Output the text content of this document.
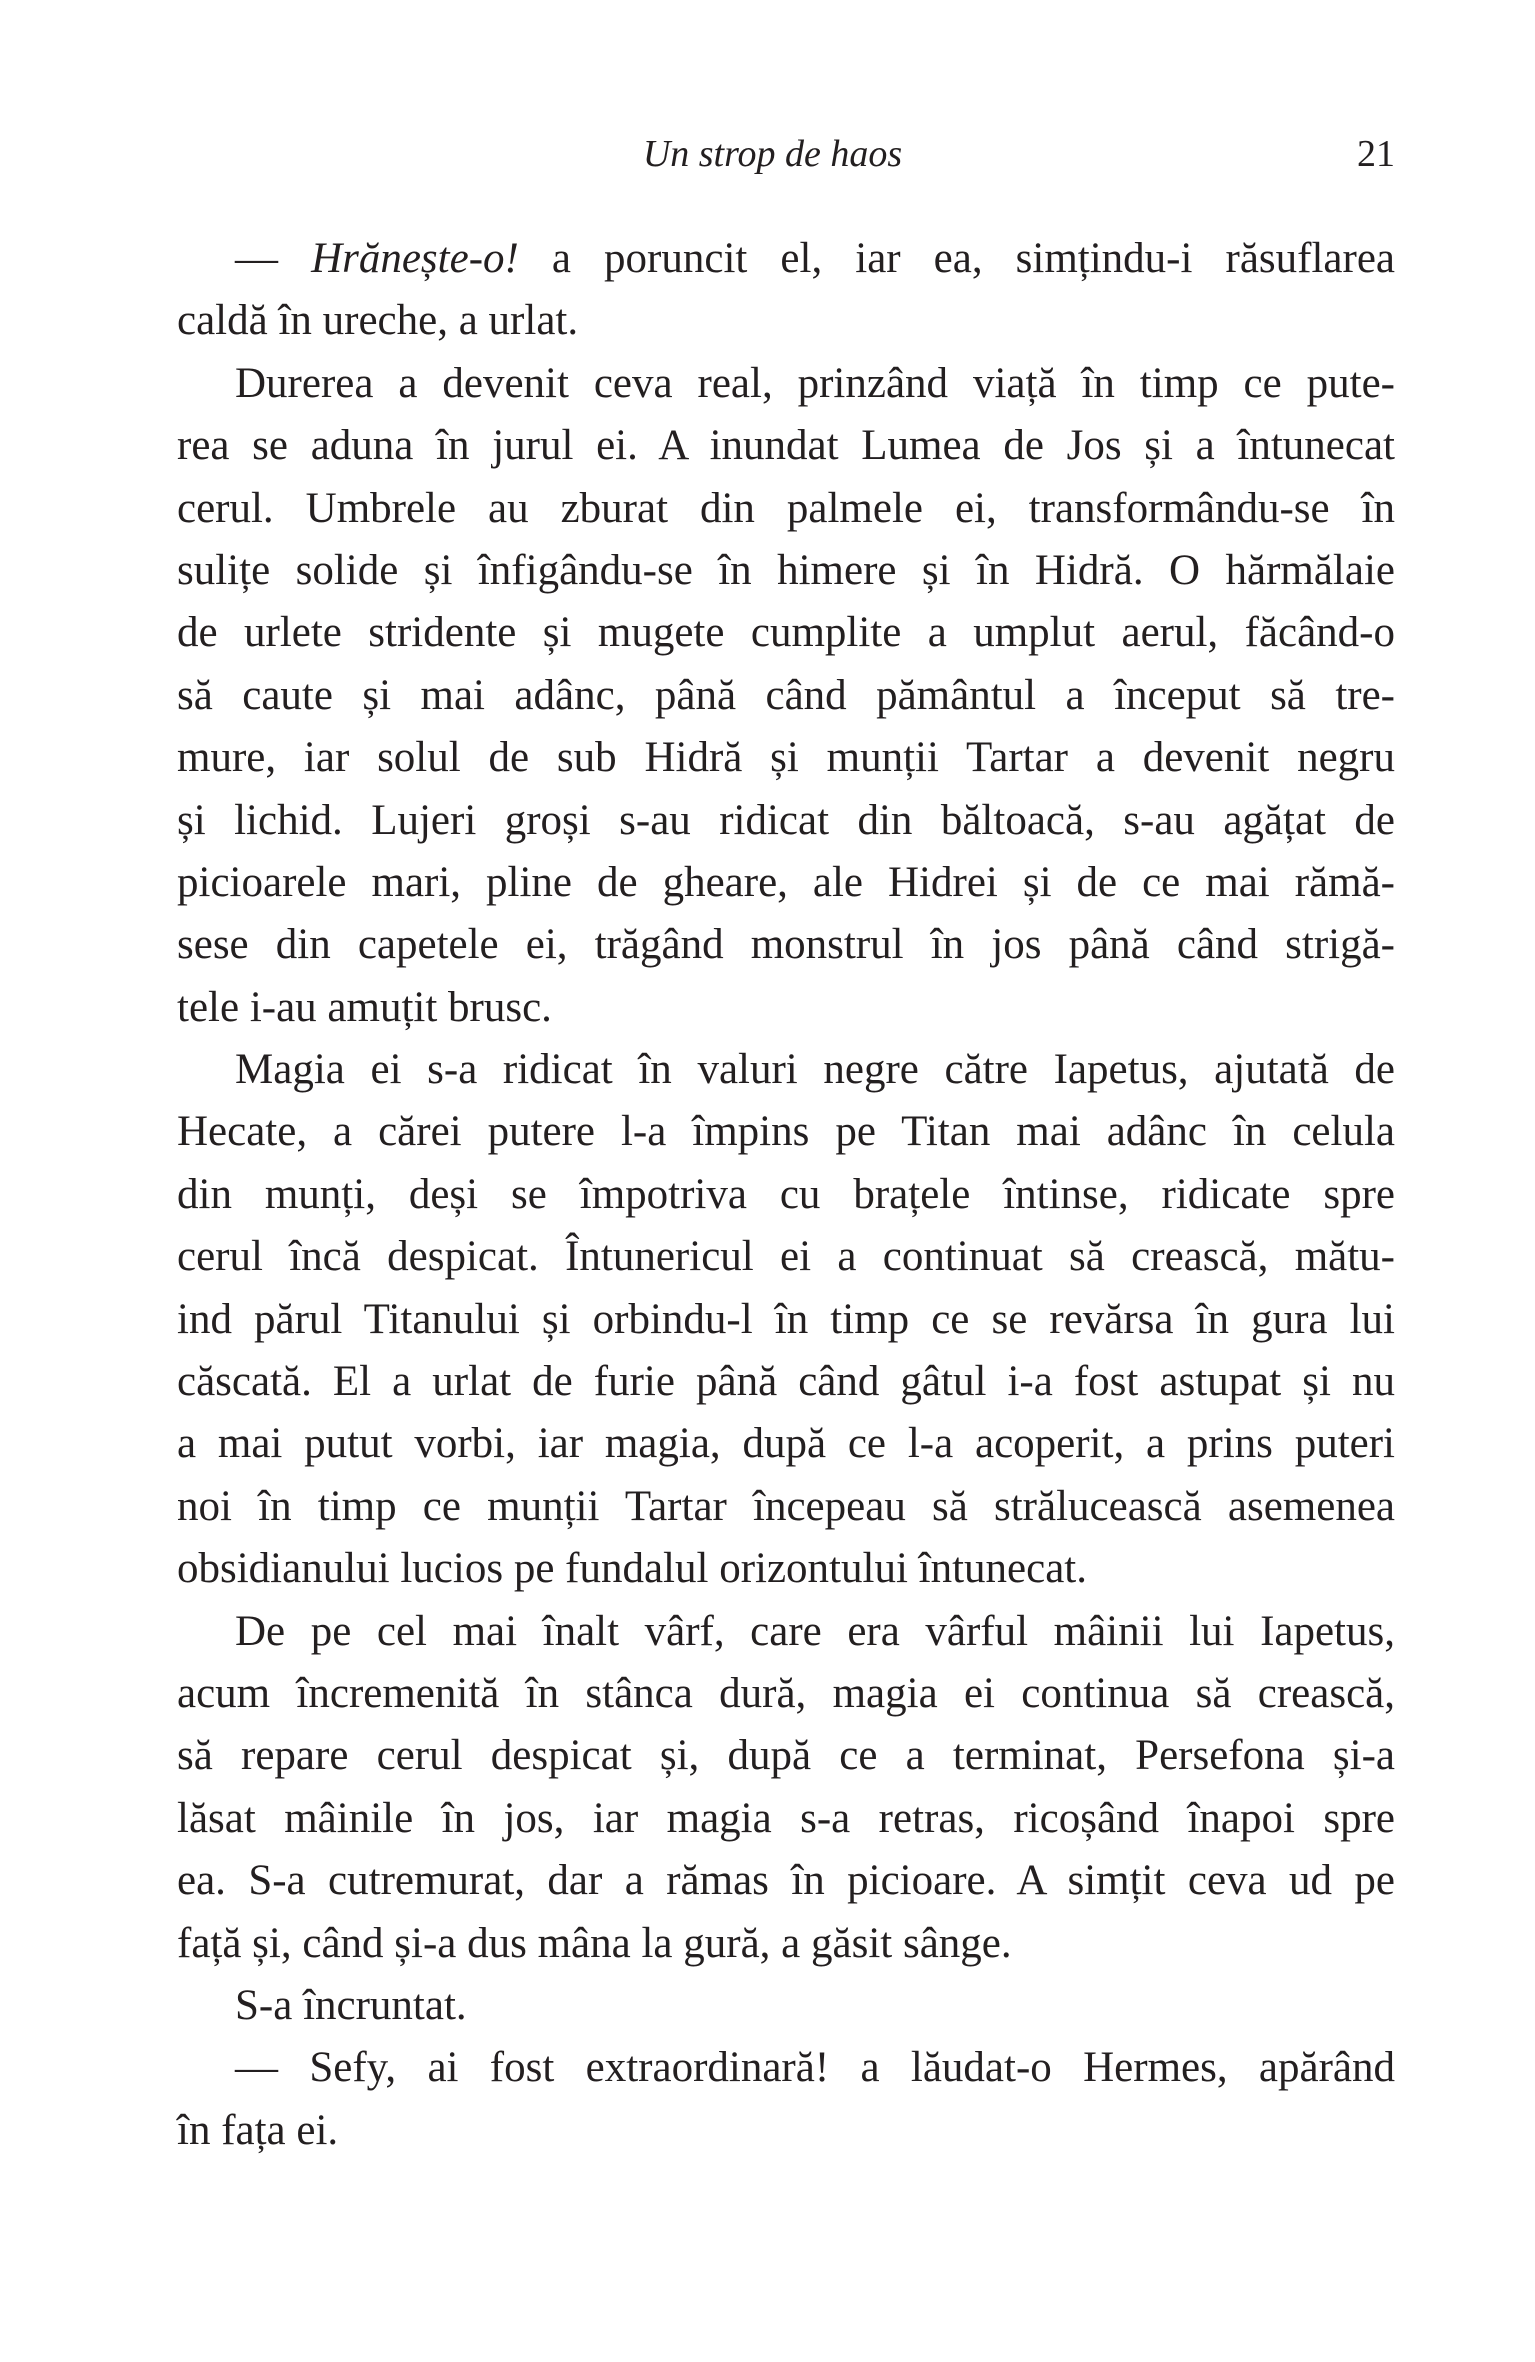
Un strop de haos	21
— Hrănește-o! a poruncit el, iar ea, simțindu-i răsuflarea
caldă în ureche, a urlat.
Durerea a devenit ceva real, prinzând viață în timp ce pute-
rea se aduna în jurul ei. A inundat Lumea de Jos și a întunecat
cerul. Umbrele au zburat din palmele ei, transformându-se în
sulițe solide și înfigându-se în himere și în Hidră. O hărmălaie
de urlete stridente și mugete cumplite a umplut aerul, făcând-o
să caute și mai adânc, până când pământul a început să tre-
mure, iar solul de sub Hidră și munții Tartar a devenit negru
și lichid. Lujeri groși s-au ridicat din băltoacă, s-au agățat de
picioarele mari, pline de gheare, ale Hidrei și de ce mai rămă-
sese din capetele ei, trăgând monstrul în jos până când strigă-
tele i-au amuțit brusc.
Magia ei s-a ridicat în valuri negre către Iapetus, ajutată de
Hecate, a cărei putere l-a împins pe Titan mai adânc în celula
din munți, deși se împotriva cu brațele întinse, ridicate spre
cerul încă despicat. Întunericul ei a continuat să crească, mătu-
ind părul Titanului și orbindu-l în timp ce se revărsa în gura lui
căscată. El a urlat de furie până când gâtul i-a fost astupat și nu
a mai putut vorbi, iar magia, după ce l-a acoperit, a prins puteri
noi în timp ce munții Tartar începeau să strălucească asemenea
obsidianului lucios pe fundalul orizontului întunecat.
De pe cel mai înalt vârf, care era vârful mâinii lui Iapetus,
acum încremenită în stânca dură, magia ei continua să crească,
să repare cerul despicat și, după ce a terminat, Persefona și-a
lăsat mâinile în jos, iar magia s-a retras, ricoșând înapoi spre
ea. S-a cutremurat, dar a rămas în picioare. A simțit ceva ud pe
față și, când și-a dus mâna la gură, a găsit sânge.
S-a încruntat.
— Sefy, ai fost extraordinară! a lăudat-o Hermes, apărând
în fața ei.
